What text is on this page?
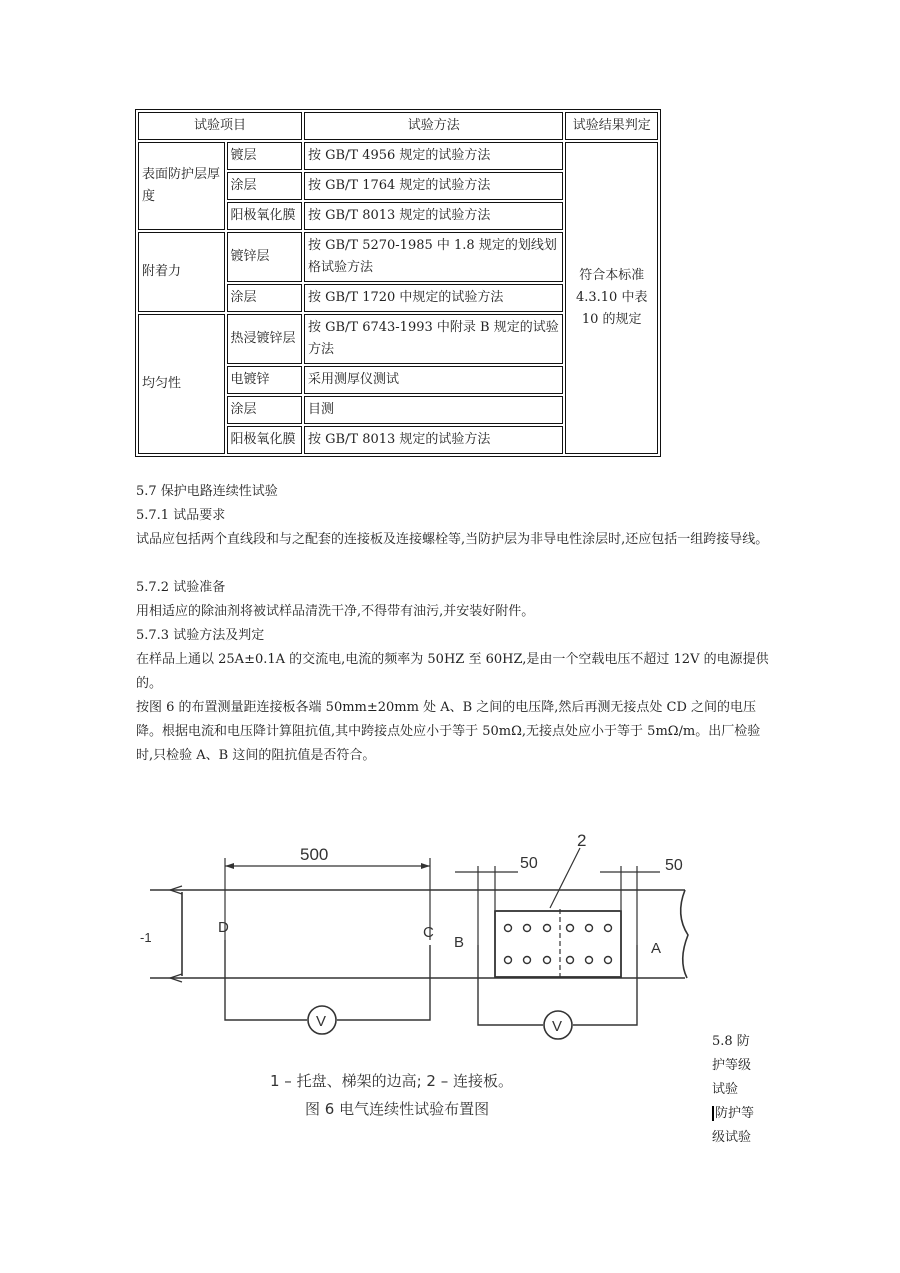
试验项目		试验方法	试验结果判定
表面防护层厚度	镀层	按 GB/T 4956 规定的试验方法	符合本标准 4.3.10 中表 10 的规定
	涂层	按 GB/T 1764 规定的试验方法	
	阳极氧化膜	按 GB/T 8013 规定的试验方法	
附着力	镀锌层	按 GB/T 5270-1985 中 1.8 规定的划线划格试验方法	
	涂层	按 GB/T 1720 中规定的试验方法	
均匀性	热浸镀锌层	按 GB/T 6743-1993 中附录 B 规定的试验方法	
	电镀锌	采用测厚仪测试	
	涂层	目测	
	阳极氧化膜	按 GB/T 8013 规定的试验方法	

5.7 保护电路连续性试验

5.7.1 试品要求

试品应包括两个直线段和与之配套的连接板及连接螺栓等,当防护层为非导电性涂层时,还应包括一组跨接导线。

5.7.2 试验准备

用相适应的除油剂将被试样品清洗干净,不得带有油污,并安装好附件。

5.7.3 试验方法及判定

在样品上通以 25A±0.1A 的交流电,电流的频率为 50HZ 至 60HZ,是由一个空载电压不超过 12V 的电源提供的。

按图 6 的布置测量距连接板各端 50mm±20mm 处 A、B 之间的电压降,然后再测无接点处 CD 之间的电压降。根据电流和电压降计算阻抗值,其中跨接点处应小于等于 50mΩ,无接点处应小于等于 5mΩ/m。出厂检验时,只检验 A、B 这间的阻抗值是否符合。

500	50	50
2
-1
D	C
B	A
V	V
1 – 托盘、梯架的边高; 2 – 连接板。
图 6 电气连续性试验布置图
5.8 防护等级试验
防护等级试验
